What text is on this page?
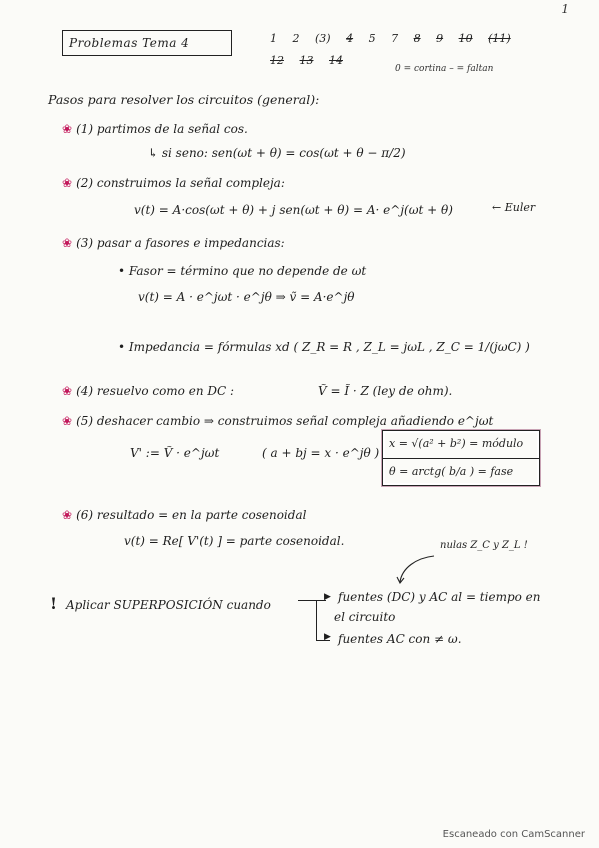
1
Problemas Tema 4	1 2 (3) 4 5 7 8 9 10 (11)
12 13 14
0 = cortina – = faltan
Pasos para resolver los circuitos (general):
❀ (1) partimos de la señal cos.
↳ si seno: sen(ωt + θ) = cos(ωt + θ − π/2)
❀ (2) construimos la señal compleja:
v(t) = A·cos(ωt + θ) + j sen(ωt + θ) = A· e^j(ωt + θ)	← Euler
❀ (3) pasar a fasores e impedancias:
• Fasor = término que no depende de ωt
v(t) = A · e^jωt · e^jθ ⇒ ṽ = A·e^jθ
• Impedancia = fórmulas xd ( Z_R = R , Z_L = jωL , Z_C = 1/(jωC) )
❀ (4) resuelvo como en DC :	Ṽ = Ĩ · Z (ley de ohm).
❀ (5) deshacer cambio ⇒ construimos señal compleja añadiendo e^jωt
V' := Ṽ · e^jωt	( a + bj = x · e^jθ )
x = √(a² + b²) = módulo
θ = arctg( b/a ) = fase
❀ (6) resultado = en la parte cosenoidal
v(t) = Re[ V'(t) ] = parte cosenoidal.	nulas Z_C y Z_L !
! Aplicar SUPERPOSICIÓN cuando
▶
▶
fuentes (DC) y AC al = tiempo en
el circuito
fuentes AC con ≠ ω.
Escaneado con CamScanner
